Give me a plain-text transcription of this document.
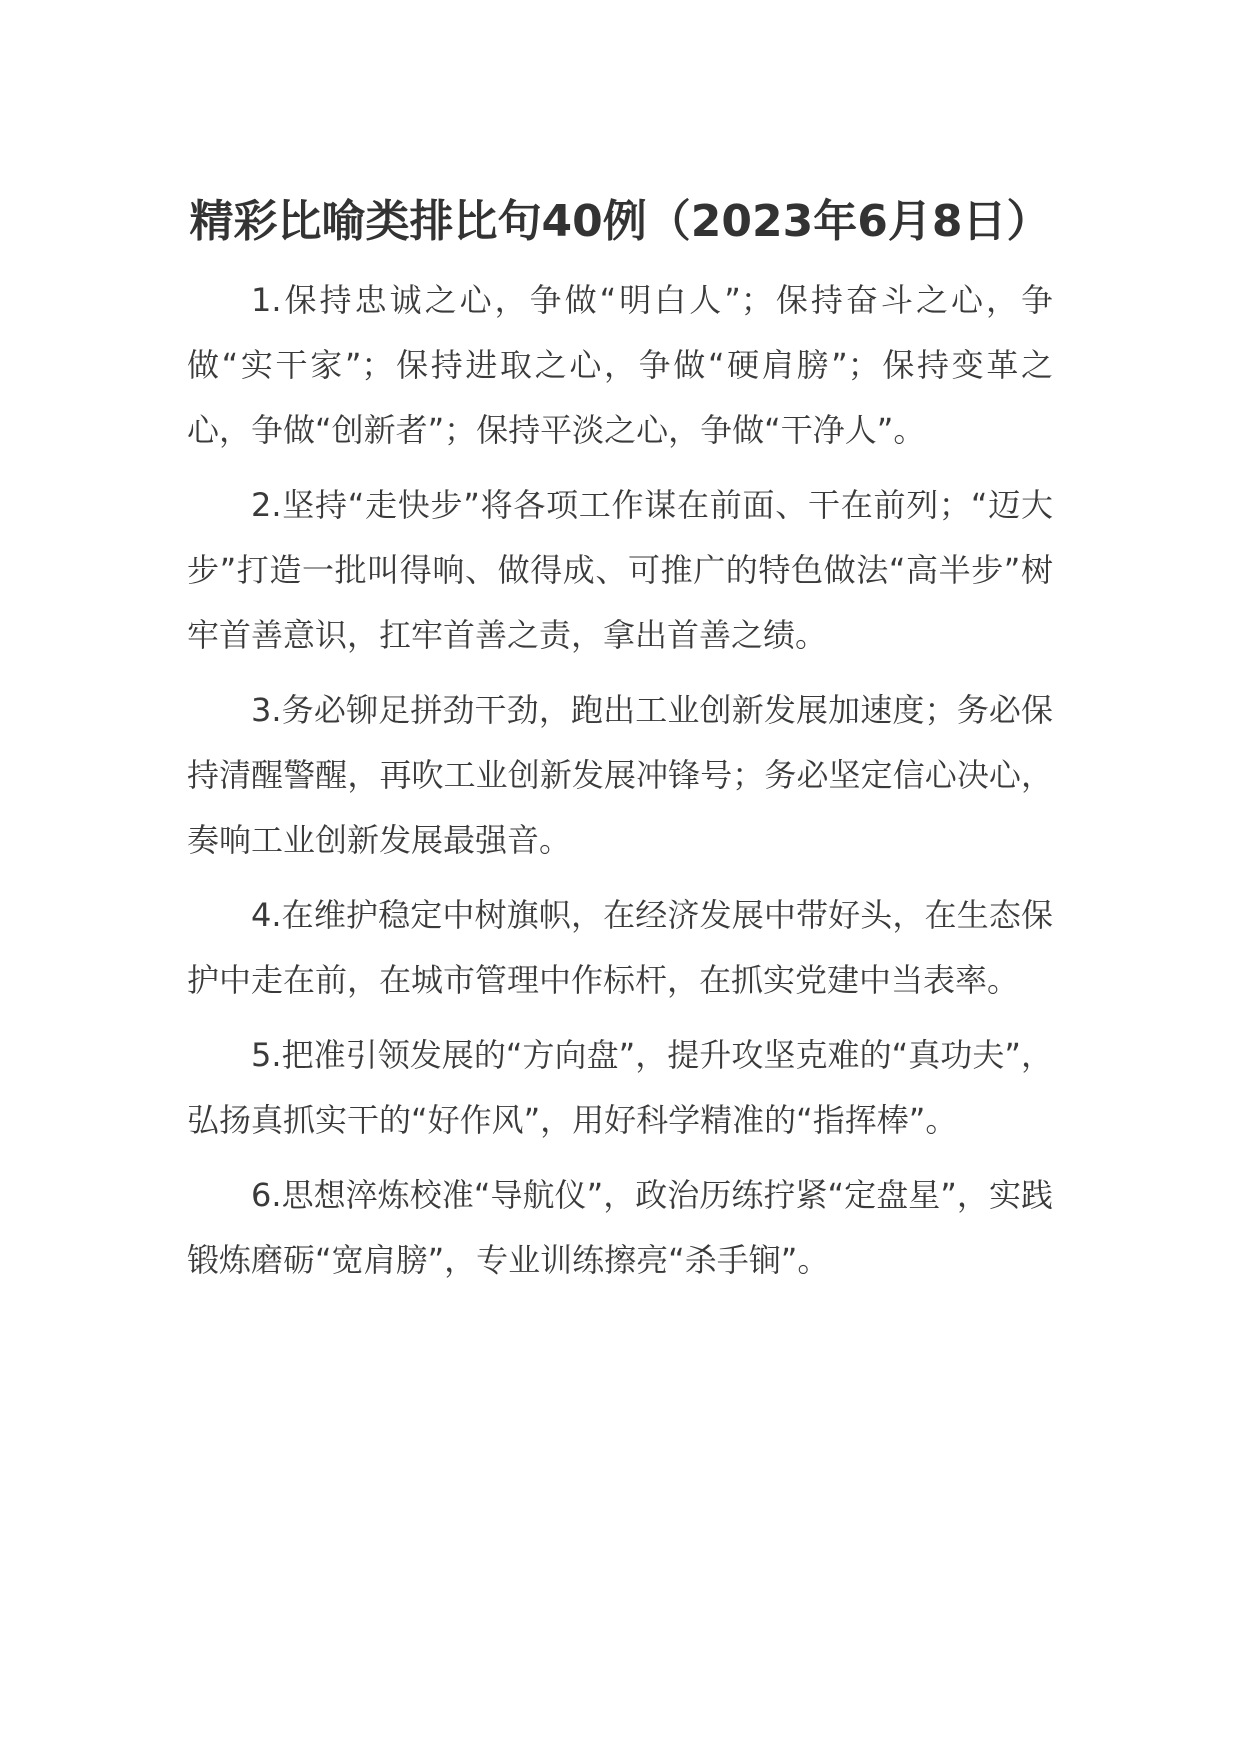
精彩比喻类排比句40例（2023年6月8日）

1.保持忠诚之心，争做“明白人”；保持奋斗之心，争做“实干家”；保持进取之心，争做“硬肩膀”；保持变革之心，争做“创新者”；保持平淡之心，争做“干净人”。

2.坚持“走快步”将各项工作谋在前面、干在前列；“迈大步”打造一批叫得响、做得成、可推广的特色做法“高半步”树牢首善意识，扛牢首善之责，拿出首善之绩。

3.务必铆足拼劲干劲，跑出工业创新发展加速度；务必保持清醒警醒，再吹工业创新发展冲锋号；务必坚定信心决心，奏响工业创新发展最强音。

4.在维护稳定中树旗帜，在经济发展中带好头，在生态保护中走在前，在城市管理中作标杆，在抓实党建中当表率。

5.把准引领发展的“方向盘”，提升攻坚克难的“真功夫”，弘扬真抓实干的“好作风”，用好科学精准的“指挥棒”。

6.思想淬炼校准“导航仪”，政治历练拧紧“定盘星”，实践锻炼磨砺“宽肩膀”，专业训练擦亮“杀手锏”。
